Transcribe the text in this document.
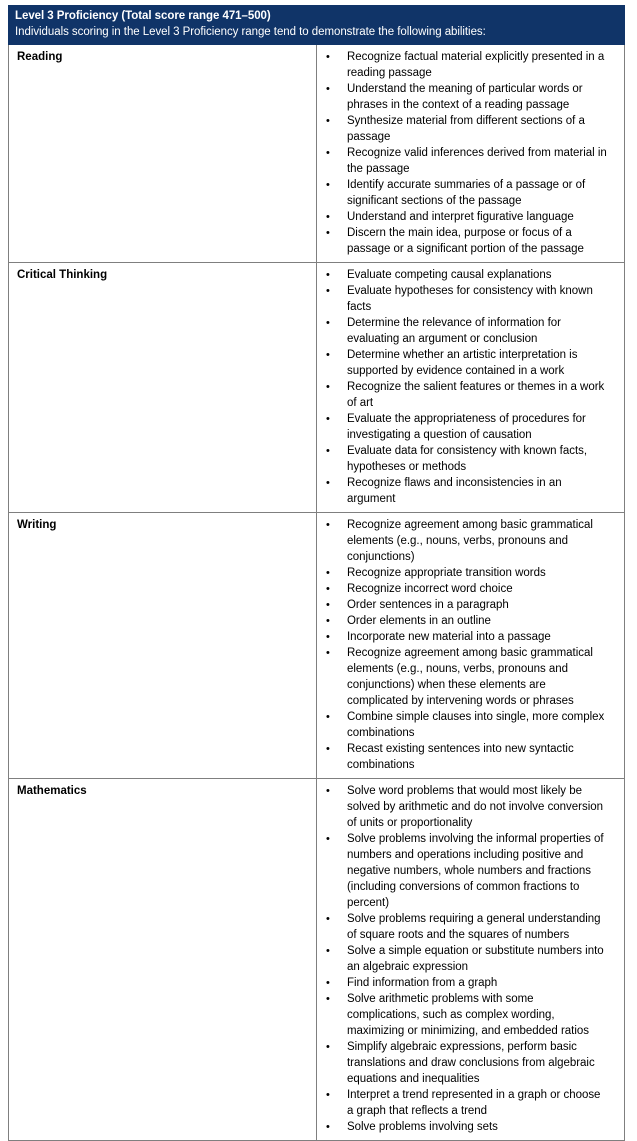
Level 3 Proficiency (Total score range 471–500)
Individuals scoring in the Level 3 Proficiency range tend to demonstrate the following abilities:	

Reading	• Recognize factual material explicitly presented in a reading passage
• Understand the meaning of particular words or phrases in the context of a reading passage
• Synthesize material from different sections of a passage
• Recognize valid inferences derived from material in the passage
• Identify accurate summaries of a passage or of significant sections of the passage
• Understand and interpret figurative language
• Discern the main idea, purpose or focus of a passage or a significant portion of the passage

Critical Thinking	• Evaluate competing causal explanations
• Evaluate hypotheses for consistency with known facts
• Determine the relevance of information for evaluating an argument or conclusion
• Determine whether an artistic interpretation is supported by evidence contained in a work
• Recognize the salient features or themes in a work of art
• Evaluate the appropriateness of procedures for investigating a question of causation
• Evaluate data for consistency with known facts, hypotheses or methods
• Recognize flaws and inconsistencies in an argument

Writing	• Recognize agreement among basic grammatical elements (e.g., nouns, verbs, pronouns and conjunctions)
• Recognize appropriate transition words
• Recognize incorrect word choice
• Order sentences in a paragraph
• Order elements in an outline
• Incorporate new material into a passage
• Recognize agreement among basic grammatical elements (e.g., nouns, verbs, pronouns and conjunctions) when these elements are complicated by intervening words or phrases
• Combine simple clauses into single, more complex combinations
• Recast existing sentences into new syntactic combinations

Mathematics	• Solve word problems that would most likely be solved by arithmetic and do not involve conversion of units or proportionality
• Solve problems involving the informal properties of numbers and operations including positive and negative numbers, whole numbers and fractions (including conversions of common fractions to percent)
• Solve problems requiring a general understanding of square roots and the squares of numbers
• Solve a simple equation or substitute numbers into an algebraic expression
• Find information from a graph
• Solve arithmetic problems with some complications, such as complex wording, maximizing or minimizing, and embedded ratios
• Simplify algebraic expressions, perform basic translations and draw conclusions from algebraic equations and inequalities
• Interpret a trend represented in a graph or choose a graph that reflects a trend
• Solve problems involving sets
